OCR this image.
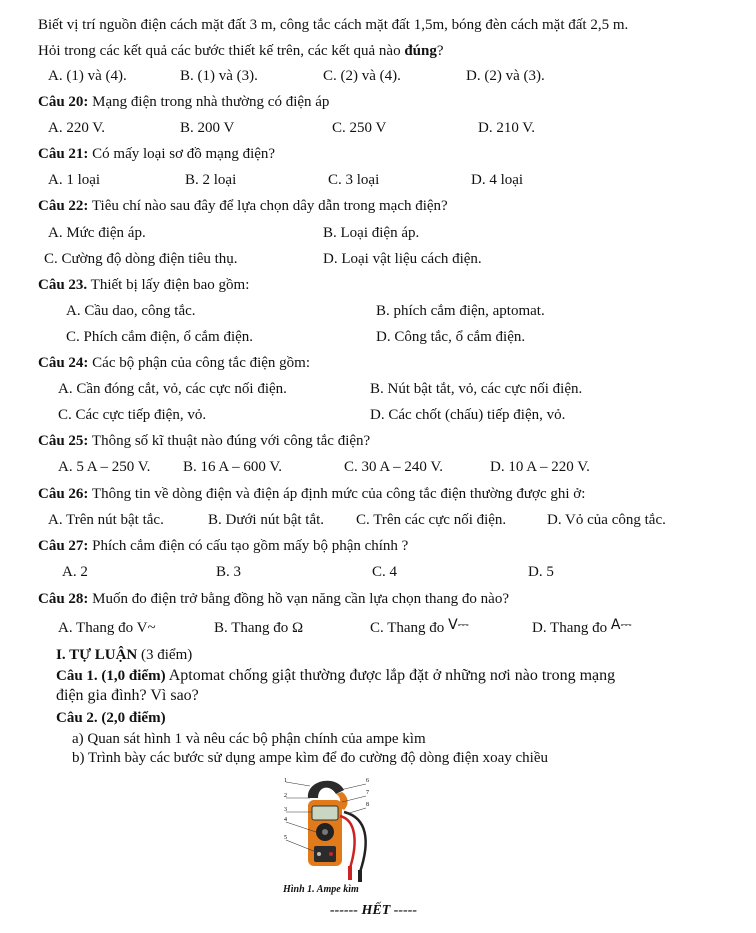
Biết vị trí nguồn điện cách mặt đất 3 m, công tắc cách mặt đất 1,5m, bóng đèn cách mặt đất 2,5 m.
Hỏi trong các kết quả các bước thiết kế trên, các kết quả nào đúng?
A. (1) và (4).	B. (1) và (3).	C. (2) và (4).	D. (2) và (3).
Câu 20: Mạng điện trong nhà thường có điện áp
A. 220 V.	B. 200 V	C. 250 V	D. 210 V.
Câu 21: Có mấy loại sơ đồ mạng điện?
A. 1 loại	B. 2 loại	C. 3 loại	D. 4 loại
Câu 22: Tiêu chí nào sau đây để lựa chọn dây dẫn trong mạch điện?
A. Mức điện áp.	B. Loại điện áp.
C. Cường độ dòng điện tiêu thụ.	D. Loại vật liệu cách điện.
Câu 23. Thiết bị lấy điện bao gồm:
A. Cầu dao, công tắc.	B. phích cắm điện, aptomat.
C. Phích cắm điện, ổ cắm điện.	D. Công tắc, ổ cắm điện.
Câu 24: Các bộ phận của công tắc điện gồm:
A. Cần đóng cắt, vỏ, các cực nối điện.	B. Nút bật tắt, vỏ, các cực nối điện.
C. Các cực tiếp điện, vỏ.	D. Các chốt (chấu) tiếp điện, vỏ.
Câu 25: Thông số kĩ thuật nào đúng với công tắc điện?
A. 5 A – 250 V. B. 16 A – 600 V.	C. 30 A – 240 V.	D. 10 A – 220 V.
Câu 26: Thông tin về dòng điện và điện áp định mức của công tắc điện thường được ghi ở:
A. Trên nút bật tắc.	B. Dưới nút bật tắt. C. Trên các cực nối điện.	D. Vỏ của công tắc.
Câu 27: Phích cắm điện có cấu tạo gồm mấy bộ phận chính ?
A. 2	B. 3	C. 4	D. 5
Câu 28: Muốn đo điện trở bằng đồng hồ vạn năng cần lựa chọn thang đo nào?
A. Thang đo V~	B. Thang đo Ω	C. Thang đo V⎓	D. Thang đo A⎓
I. TỰ LUẬN (3 điểm)
Câu 1. (1,0 điểm) Aptomat chống giật thường được lắp đặt ở những nơi nào trong mạng
điện gia đình? Vì sao?
Câu 2. (2,0 điểm)
a) Quan sát hình 1 và nêu các bộ phận chính của ampe kìm
b) Trình bày các bước sử dụng ampe kìm để đo cường độ dòng điện xoay chiều
1
2
3
4
5
6
7
8
Hình 1. Ampe kìm
------ HẾT -----
